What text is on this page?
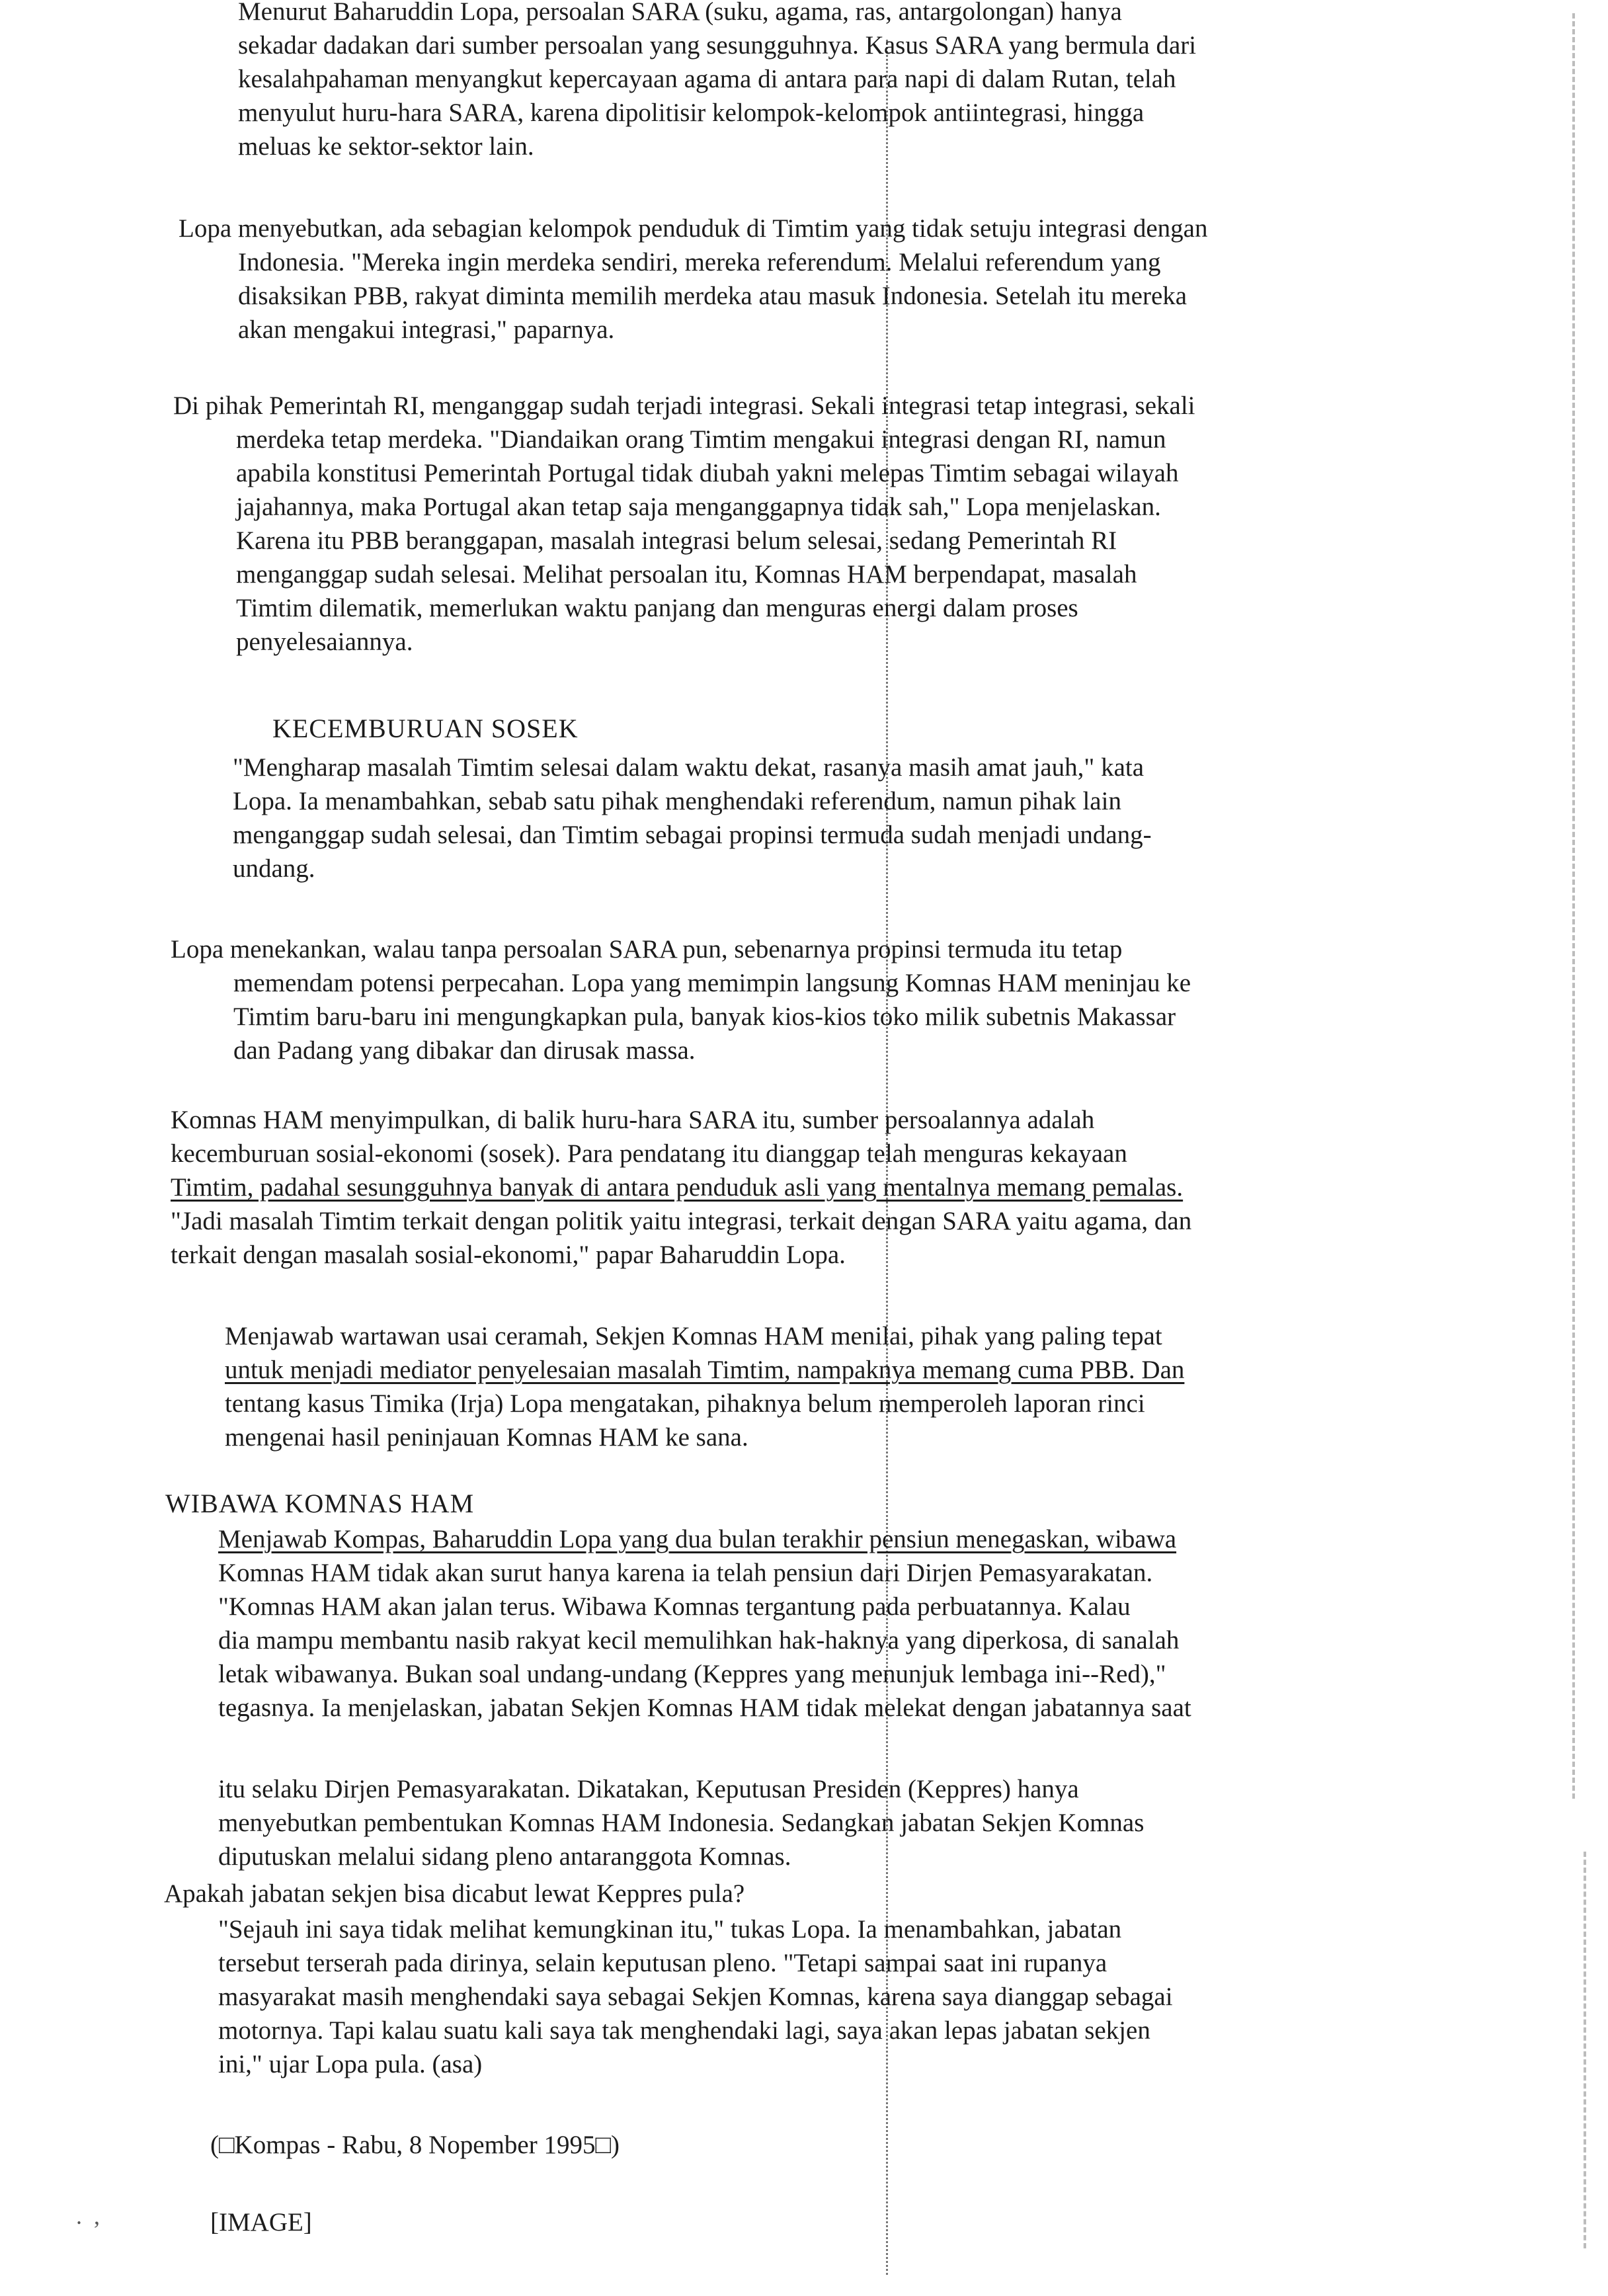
Menurut Baharuddin Lopa, persoalan SARA (suku, agama, ras, antargolongan) hanya
sekadar dadakan dari sumber persoalan yang sesungguhnya. Kasus SARA yang bermula dari
kesalahpahaman menyangkut kepercayaan agama di antara para napi di dalam Rutan, telah
menyulut huru-hara SARA, karena dipolitisir kelompok-kelompok antiintegrasi, hingga
meluas ke sektor-sektor lain.
Lopa menyebutkan, ada sebagian kelompok penduduk di Timtim yang tidak setuju integrasi dengan
Indonesia. "Mereka ingin merdeka sendiri, mereka referendum. Melalui referendum yang
disaksikan PBB, rakyat diminta memilih merdeka atau masuk Indonesia. Setelah itu mereka
akan mengakui integrasi," paparnya.
Di pihak Pemerintah RI, menganggap sudah terjadi integrasi. Sekali integrasi tetap integrasi, sekali
merdeka tetap merdeka. "Diandaikan orang Timtim mengakui integrasi dengan RI, namun
apabila konstitusi Pemerintah Portugal tidak diubah yakni melepas Timtim sebagai wilayah
jajahannya, maka Portugal akan tetap saja menganggapnya tidak sah," Lopa menjelaskan.
Karena itu PBB beranggapan, masalah integrasi belum selesai, sedang Pemerintah RI
menganggap sudah selesai. Melihat persoalan itu, Komnas HAM berpendapat, masalah
Timtim dilematik, memerlukan waktu panjang dan menguras energi dalam proses
penyelesaiannya.
KECEMBURUAN SOSEK
"Mengharap masalah Timtim selesai dalam waktu dekat, rasanya masih amat jauh," kata
Lopa. Ia menambahkan, sebab satu pihak menghendaki referendum, namun pihak lain
menganggap sudah selesai, dan Timtim sebagai propinsi termuda sudah menjadi undang-
undang.
Lopa menekankan, walau tanpa persoalan SARA pun, sebenarnya propinsi termuda itu tetap
memendam potensi perpecahan. Lopa yang memimpin langsung Komnas HAM meninjau ke
Timtim baru-baru ini mengungkapkan pula, banyak kios-kios toko milik subetnis Makassar
dan Padang yang dibakar dan dirusak massa.
Komnas HAM menyimpulkan, di balik huru-hara SARA itu, sumber persoalannya adalah
kecemburuan sosial-ekonomi (sosek). Para pendatang itu dianggap telah menguras kekayaan
Timtim, padahal sesungguhnya banyak di antara penduduk asli yang mentalnya memang pemalas.
"Jadi masalah Timtim terkait dengan politik yaitu integrasi, terkait dengan SARA yaitu agama, dan
terkait dengan masalah sosial-ekonomi," papar Baharuddin Lopa.
Menjawab wartawan usai ceramah, Sekjen Komnas HAM menilai, pihak yang paling tepat
untuk menjadi mediator penyelesaian masalah Timtim, nampaknya memang cuma PBB. Dan
tentang kasus Timika (Irja) Lopa mengatakan, pihaknya belum memperoleh laporan rinci
mengenai hasil peninjauan Komnas HAM ke sana.
WIBAWA KOMNAS HAM
Menjawab Kompas, Baharuddin Lopa yang dua bulan terakhir pensiun menegaskan, wibawa
Komnas HAM tidak akan surut hanya karena ia telah pensiun dari Dirjen Pemasyarakatan.
"Komnas HAM akan jalan terus. Wibawa Komnas tergantung pada perbuatannya. Kalau
dia mampu membantu nasib rakyat kecil memulihkan hak-haknya yang diperkosa, di sanalah
letak wibawanya. Bukan soal undang-undang (Keppres yang menunjuk lembaga ini--Red),"
tegasnya. Ia menjelaskan, jabatan Sekjen Komnas HAM tidak melekat dengan jabatannya saat
itu selaku Dirjen Pemasyarakatan. Dikatakan, Keputusan Presiden (Keppres) hanya
menyebutkan pembentukan Komnas HAM Indonesia. Sedangkan jabatan Sekjen Komnas
diputuskan melalui sidang pleno antaranggota Komnas.
Apakah jabatan sekjen bisa dicabut lewat Keppres pula?
"Sejauh ini saya tidak melihat kemungkinan itu," tukas Lopa. Ia menambahkan, jabatan
tersebut terserah pada dirinya, selain keputusan pleno. "Tetapi sampai saat ini rupanya
masyarakat masih menghendaki saya sebagai Sekjen Komnas, karena saya dianggap sebagai
motornya. Tapi kalau suatu kali saya tak menghendaki lagi, saya akan lepas jabatan sekjen
ini," ujar Lopa pula. (asa)
(□Kompas - Rabu, 8 Nopember 1995□)
[IMAGE]
.  ,
